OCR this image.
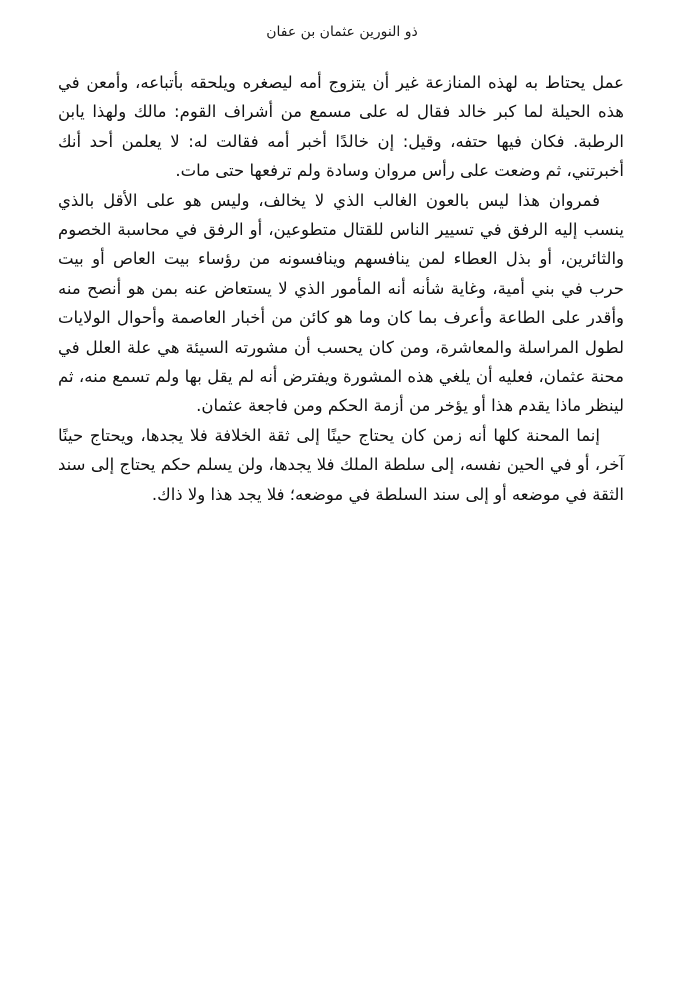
ذو النورين عثمان بن عفان

عمل يحتاط به لهذه المنازعة غير أن يتزوج أمه ليصغره ويلحقه بأتباعه، وأمعن في هذه الحيلة لما كبر خالد فقال له على مسمع من أشراف القوم: مالك ولهذا يابن الرطبة. فكان فيها حتفه، وقيل: إن خالدًا أخبر أمه فقالت له: لا يعلمن أحد أنك أخبرتني، ثم وضعت على رأس مروان وسادة ولم ترفعها حتى مات.

فمروان هذا ليس بالعون الغالب الذي لا يخالف، وليس هو على الأقل بالذي ينسب إليه الرفق في تسيير الناس للقتال متطوعين، أو الرفق في محاسبة الخصوم والثائرين، أو بذل العطاء لمن ينافسهم وينافسونه من رؤساء بيت العاص أو بيت حرب في بني أمية، وغاية شأنه أنه المأمور الذي لا يستعاض عنه بمن هو أنصح منه وأقدر على الطاعة وأعرف بما كان وما هو كائن من أخبار العاصمة وأحوال الولايات لطول المراسلة والمعاشرة، ومن كان يحسب أن مشورته السيئة هي علة العلل في محنة عثمان، فعليه أن يلغي هذه المشورة ويفترض أنه لم يقل بها ولم تسمع منه، ثم لينظر ماذا يقدم هذا أو يؤخر من أزمة الحكم ومن فاجعة عثمان.

إنما المحنة كلها أنه زمن كان يحتاج حينًا إلى ثقة الخلافة فلا يجدها، ويحتاج حينًا آخر، أو في الحين نفسه، إلى سلطة الملك فلا يجدها، ولن يسلم حكم يحتاج إلى سند الثقة في موضعه أو إلى سند السلطة في موضعه؛ فلا يجد هذا ولا ذاك.
